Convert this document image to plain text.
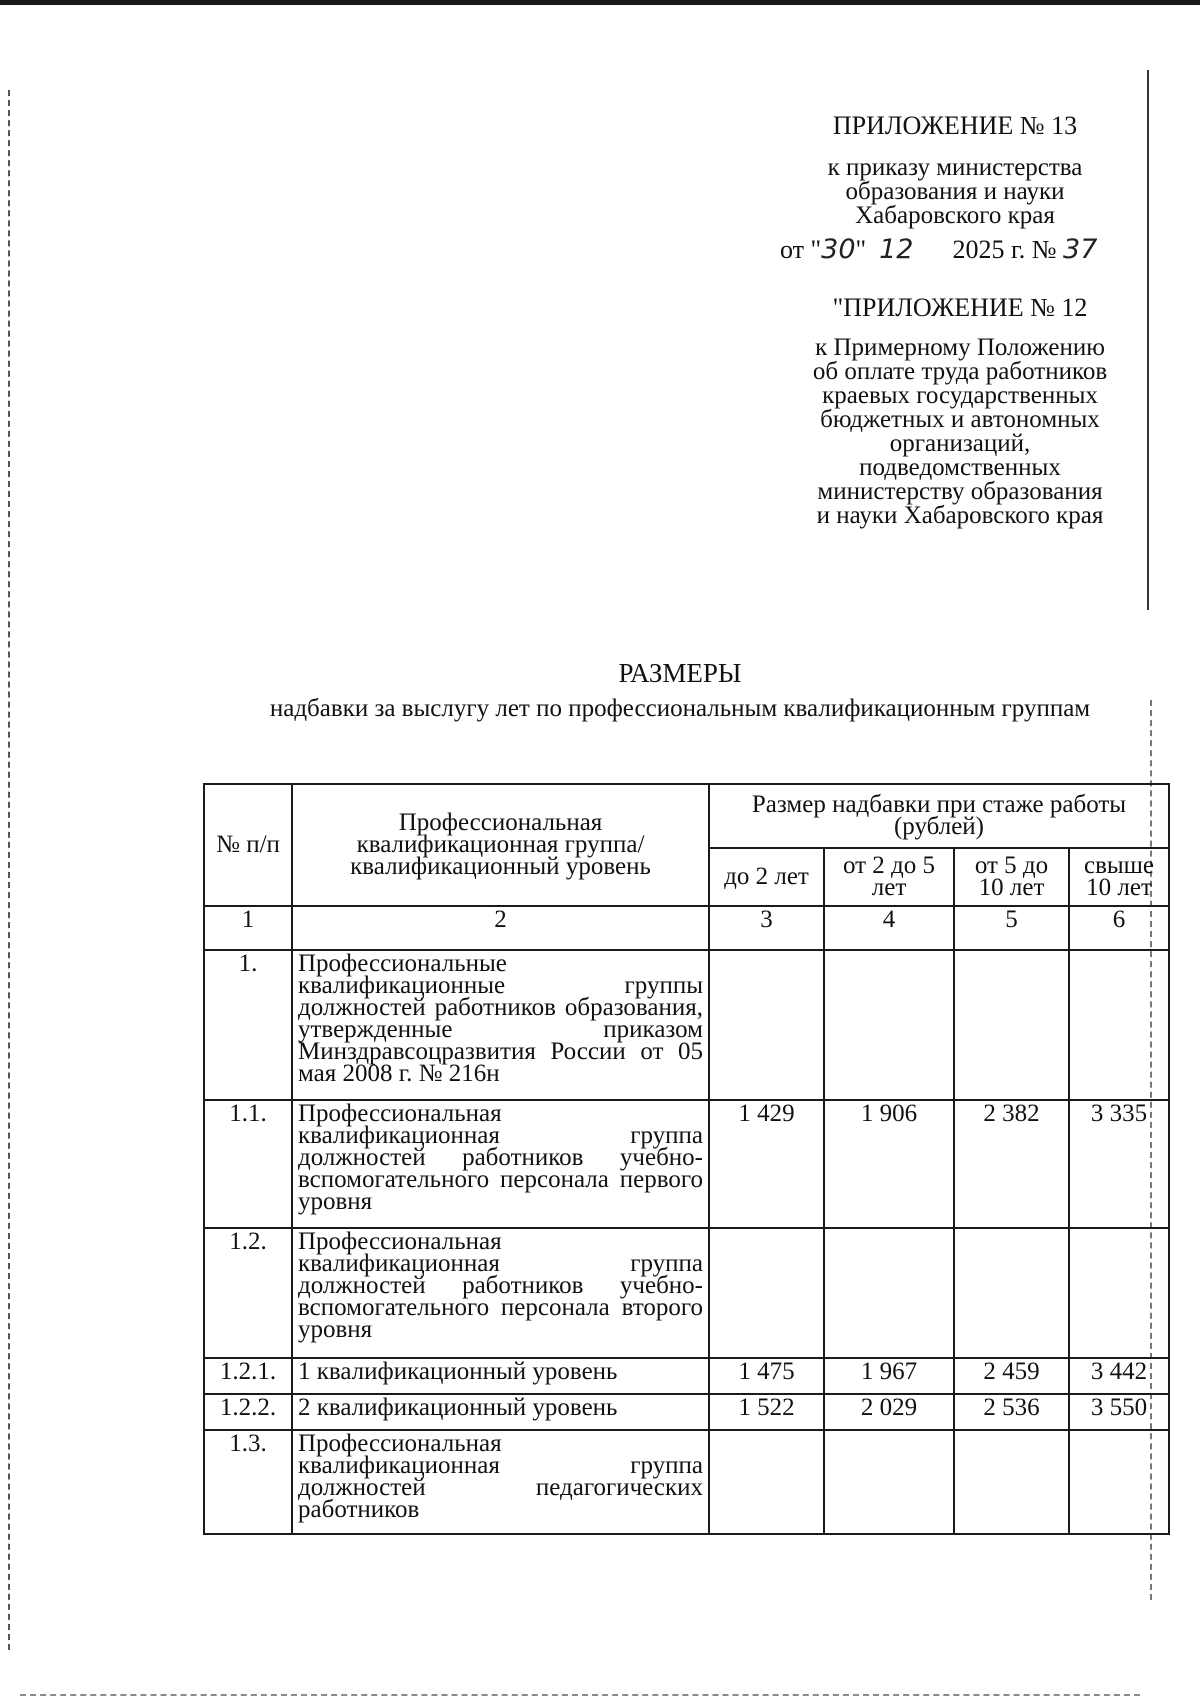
ПРИЛОЖЕНИЕ № 13
к приказу министерства
образования и науки
Хабаровского края
от "30" 12 2025 г. № 37
"ПРИЛОЖЕНИЕ № 12
к Примерному Положению
об оплате труда работников
краевых государственных
бюджетных и автономных
организаций,
подведомственных
министерству образования
и науки Хабаровского края
РАЗМЕРЫ
надбавки за выслугу лет по профессиональным квалификационным группам
№ п/п	Профессиональная квалификационная группа/квалификационный уровень	Размер надбавки при стаже работы (рублей)			
		до 2 лет	от 2 до 5 лет	от 5 до 10 лет	свыше 10 лет
1	2	3	4	5	6
1.	Профессиональные квалификационные группы должностей работников образования, утвержденные приказом Минздравсоцразвития России от 05 мая 2008 г. № 216н				
1.1.	Профессиональная квалификационная группа должностей работников учебно-вспомогательного персонала первого уровня	1 429	1 906	2 382	3 335
1.2.	Профессиональная квалификационная группа должностей работников учебно-вспомогательного персонала второго уровня				
1.2.1.	1 квалификационный уровень	1 475	1 967	2 459	3 442
1.2.2.	2 квалификационный уровень	1 522	2 029	2 536	3 550
1.3.	Профессиональная квалификационная группа должностей педагогических работников				
